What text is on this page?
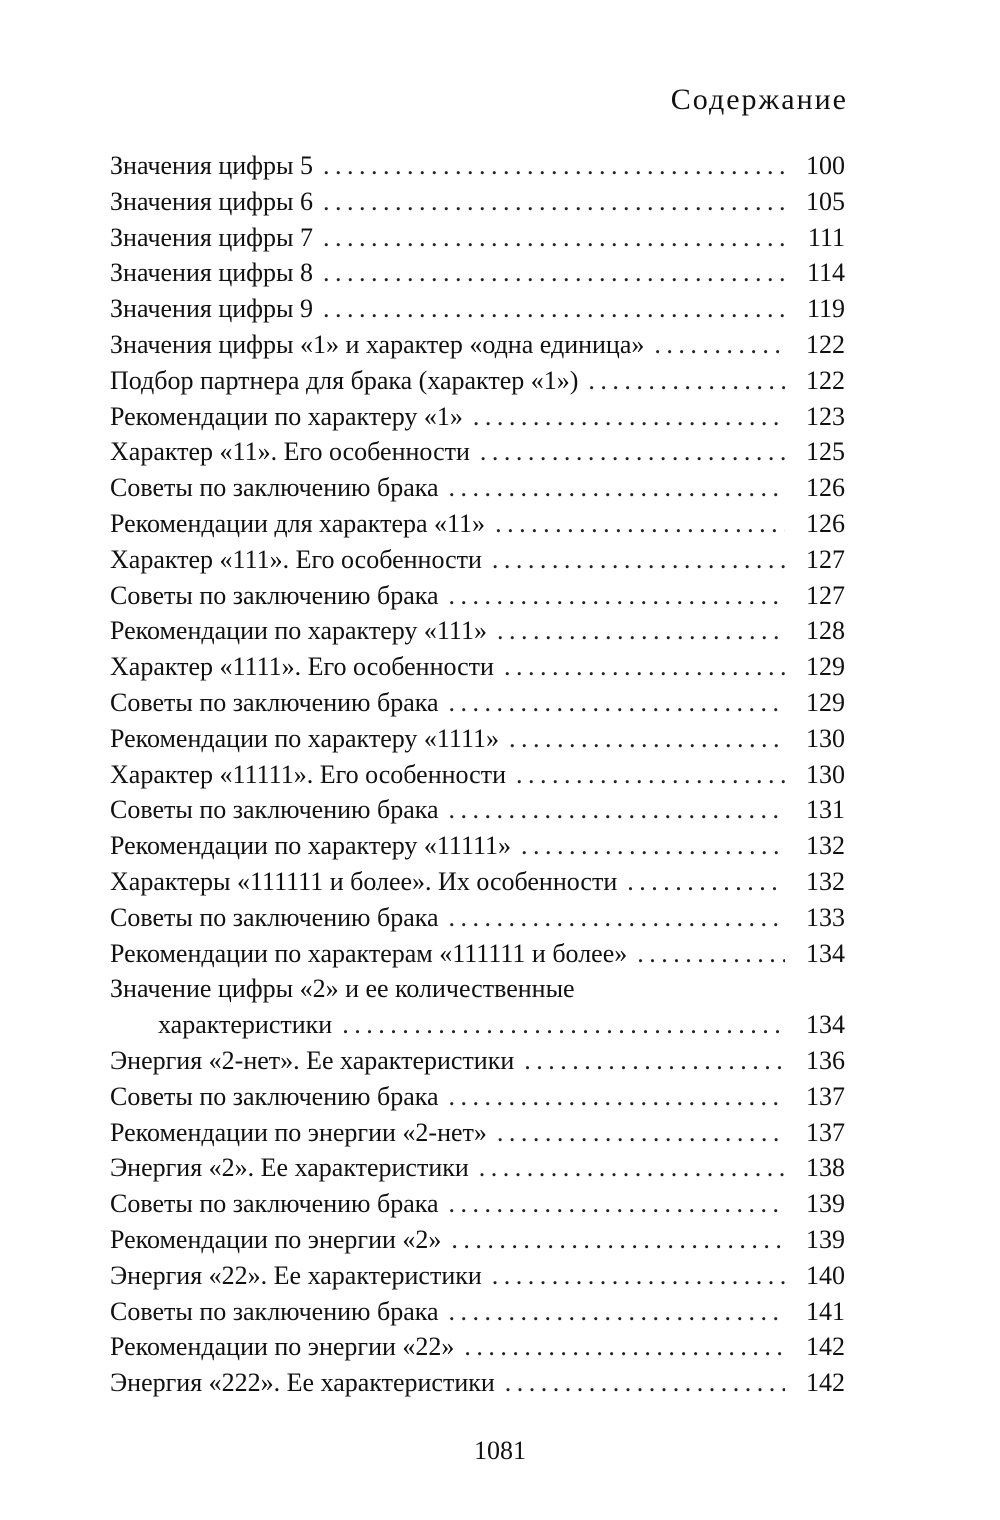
Содержание
Значения цифры 5 .....	100
Значения цифры 6 .....	105
Значения цифры 7 .....	111
Значения цифры 8 .....	114
Значения цифры 9 .....	119
Значения цифры «1» и характер «одна единица» .....	122
Подбор партнера для брака (характер «1») .....	122
Рекомендации по характеру «1» .....	123
Характер «11». Его особенности .....	125
Советы по заключению брака .....	126
Рекомендации для характера «11» .....	126
Характер «111». Его особенности .....	127
Советы по заключению брака .....	127
Рекомендации по характеру «111» .....	128
Характер «1111». Его особенности .....	129
Советы по заключению брака .....	129
Рекомендации по характеру «1111» .....	130
Характер «11111». Его особенности .....	130
Советы по заключению брака .....	131
Рекомендации по характеру «11111» .....	132
Характеры «111111 и более». Их особенности .....	132
Советы по заключению брака .....	133
Рекомендации по характерам «111111 и более» .....	134
Значение цифры «2» и ее количественные
характеристики .....	134
Энергия «2-нет». Ее характеристики .....	136
Советы по заключению брака .....	137
Рекомендации по энергии «2-нет» .....	137
Энергия «2». Ее характеристики .....	138
Советы по заключению брака .....	139
Рекомендации по энергии «2» .....	139
Энергия «22». Ее характеристики .....	140
Советы по заключению брака .....	141
Рекомендации по энергии «22» .....	142
Энергия «222». Ее характеристики .....	142
1081
